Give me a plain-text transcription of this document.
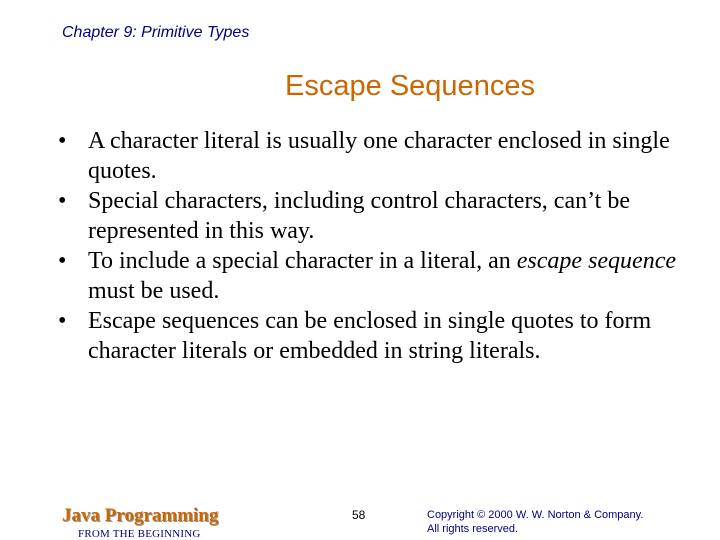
Chapter 9: Primitive Types
Escape Sequences
• A character literal is usually one character enclosed in single quotes.
• Special characters, including control characters, can’t be represented in this way.
• To include a special character in a literal, an escape sequence must be used.
• Escape sequences can be enclosed in single quotes to form character literals or embedded in string literals.
Java Programming
FROM THE BEGINNING
58	Copyright © 2000 W. W. Norton & Company.
All rights reserved.
